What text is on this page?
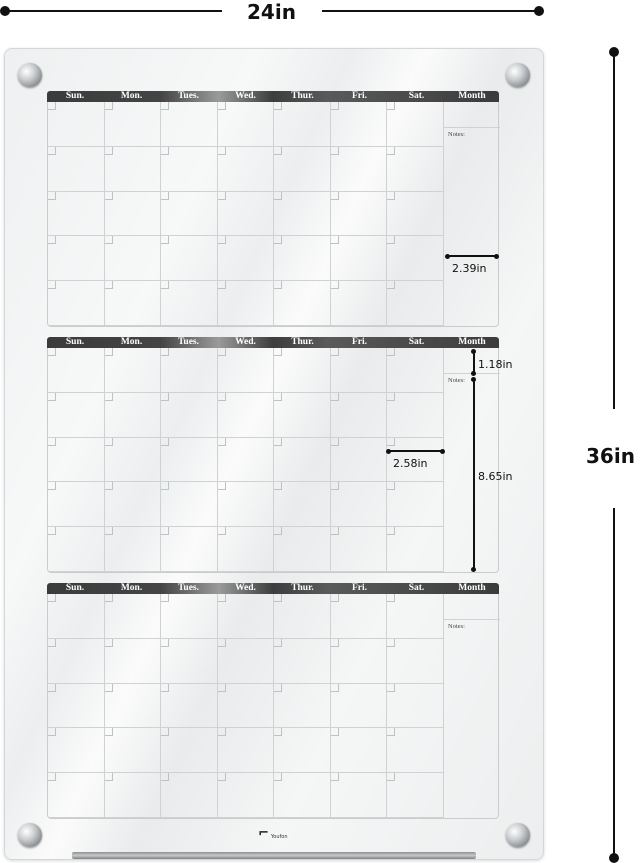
24in
36in
Sun.	Mon.	Tues.	Wed.	Thur.	Fri.	Sat.	Month
Notes:
Sun.	Mon.	Tues.	Wed.	Thur.	Fri.	Sat.	Month
Notes:
Sun.	Mon.	Tues.	Wed.	Thur.	Fri.	Sat.	Month
Notes:
2.39in
2.58in
1.18in
8.65in
⌐ Youfon
